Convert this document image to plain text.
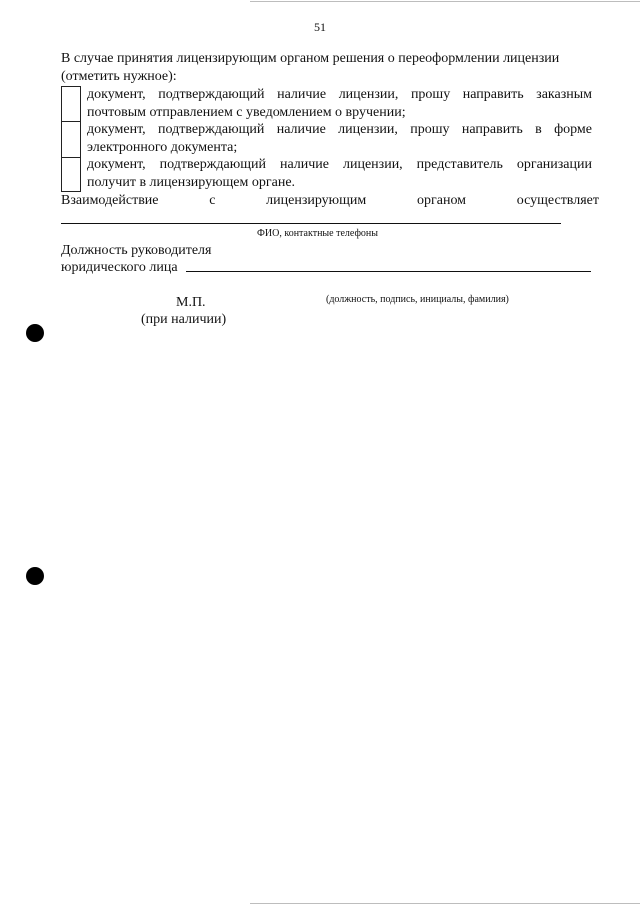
51
В случае принятия лицензирующим органом решения о переоформлении лицензии
(отметить нужное):
документ, подтверждающий наличие лицензии, прошу направить заказным
почтовым отправлением с уведомлением о вручении;
документ, подтверждающий наличие лицензии, прошу направить в форме
электронного документа;
документ, подтверждающий наличие лицензии, представитель организации
получит в лицензирующем органе.
Взаимодействие с лицензирующим органом осуществляет
ФИО, контактные телефоны
Должность руководителя
юридического лица
М.П.
(при наличии)
(должность, подпись, инициалы, фамилия)
